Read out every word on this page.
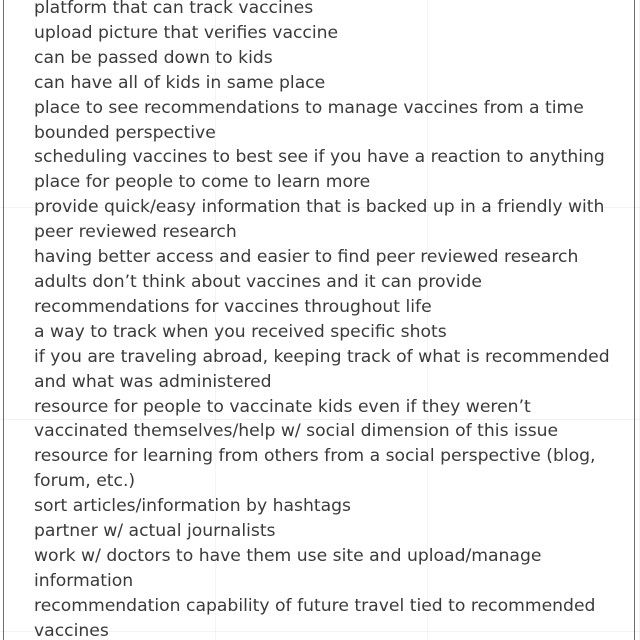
platform that can track vaccines
upload picture that verifies vaccine
can be passed down to kids
can have all of kids in same place
place to see recommendations to manage vaccines from a time bounded perspective
scheduling vaccines to best see if you have a reaction to anything
place for people to come to learn more
provide quick/easy information that is backed up in a friendly with peer reviewed research
having better access and easier to find peer reviewed research
adults don’t think about vaccines and it can provide recommendations for vaccines throughout life
a way to track when you received specific shots
if you are traveling abroad, keeping track of what is recommended and what was administered
resource for people to vaccinate kids even if they weren’t vaccinated themselves/help w/ social dimension of this issue
resource for learning from others from a social perspective (blog, forum, etc.)
sort articles/information by hashtags
partner w/ actual journalists
work w/ doctors to have them use site and upload/manage information
recommendation capability of future travel tied to recommended vaccines
